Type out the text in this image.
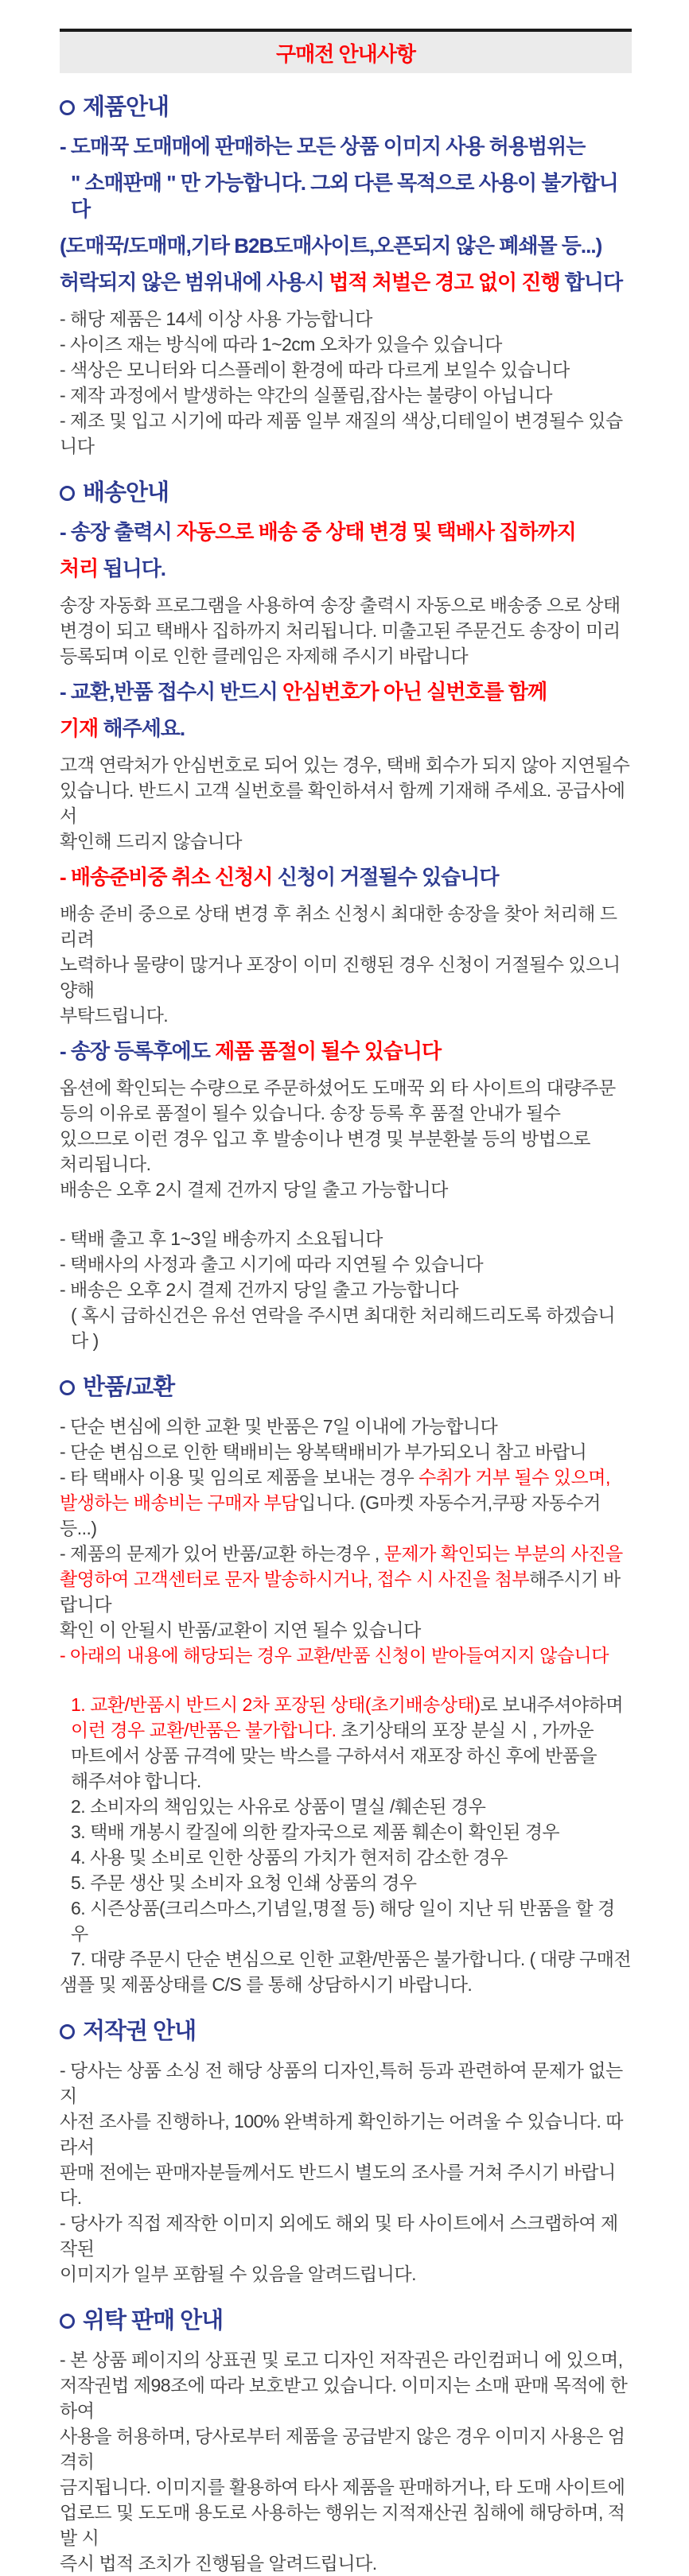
구매전 안내사항
제품안내
- 도매꾹 도매매에 판매하는 모든 상품 이미지 사용 허용범위는
" 소매판매 " 만 가능합니다. 그외 다른 목적으로 사용이 불가합니다
(도매꾹/도매매,기타 B2B도매사이트,오픈되지 않은 폐쇄몰 등...)
허락되지 않은 범위내에 사용시 법적 처벌은 경고 없이 진행 합니다
- 해당 제품은 14세 이상 사용 가능합니다
- 사이즈 재는 방식에 따라 1~2cm 오차가 있을수 있습니다
- 색상은 모니터와 디스플레이 환경에 따라 다르게 보일수 있습니다
- 제작 과정에서 발생하는 약간의 실풀림,잡사는 불량이 아닙니다
- 제조 및 입고 시기에 따라 제품 일부 재질의 색상,디테일이 변경될수 있습니다
배송안내
- 송장 출력시 자동으로 배송 중 상태 변경 및 택배사 집하까지
처리 됩니다.
송장 자동화 프로그램을 사용하여 송장 출력시 자동으로 배송중 으로 상태
변경이 되고 택배사 집하까지 처리됩니다. 미출고된 주문건도 송장이 미리
등록되며 이로 인한 클레임은 자제해 주시기 바랍니다
- 교환,반품 접수시 반드시 안심번호가 아닌 실번호를 함께
기재 해주세요.
고객 연락처가 안심번호로 되어 있는 경우, 택배 회수가 되지 않아 지연될수
있습니다. 반드시 고객 실번호를 확인하셔서 함께 기재해 주세요. 공급사에서
확인해 드리지 않습니다
- 배송준비중 취소 신청시 신청이 거절될수 있습니다
배송 준비 중으로 상태 변경 후 취소 신청시 최대한 송장을 찾아 처리해 드리려
노력하나 물량이 많거나 포장이 이미 진행된 경우 신청이 거절될수 있으니 양해
부탁드립니다.
- 송장 등록후에도 제품 품절이 될수 있습니다
옵션에 확인되는 수량으로 주문하셨어도 도매꾹 외 타 사이트의 대량주문
등의 이유로 품절이 될수 있습니다. 송장 등록 후 품절 안내가 될수
있으므로 이런 경우 입고 후 발송이나 변경 및 부분환불 등의 방법으로
처리됩니다.
배송은 오후 2시 결제 건까지 당일 출고 가능합니다
- 택배 출고 후 1~3일 배송까지 소요됩니다
- 택배사의 사정과 출고 시기에 따라 지연될 수 있습니다
- 배송은 오후 2시 결제 건까지 당일 출고 가능합니다
( 혹시 급하신건은 유선 연락을 주시면 최대한 처리해드리도록 하겠습니다 )
반품/교환
- 단순 변심에 의한 교환 및 반품은 7일 이내에 가능합니다
- 단순 변심으로 인한 택배비는 왕복택배비가 부가되오니 참고 바랍니
- 타 택배사 이용 및 임의로 제품을 보내는 경우 수취가 거부 될수 있으며,
발생하는 배송비는 구매자 부담입니다. (G마켓 자동수거,쿠팡 자동수거 등...)
- 제품의 문제가 있어 반품/교환 하는경우 , 문제가 확인되는 부분의 사진을
촬영하여 고객센터로 문자 발송하시거나, 접수 시 사진을 첨부해주시기 바랍니다
확인 이 안될시 반품/교환이 지연 될수 있습니다
- 아래의 내용에 해당되는 경우 교환/반품 신청이 받아들여지지 않습니다
1. 교환/반품시 반드시 2차 포장된 상태(초기배송상태)로 보내주셔야하며
이런 경우 교환/반품은 불가합니다. 초기상태의 포장 분실 시 , 가까운
마트에서 상품 규격에 맞는 박스를 구하셔서 재포장 하신 후에 반품을
해주셔야 합니다.
2. 소비자의 책임있는 사유로 상품이 멸실 /훼손된 경우
3. 택배 개봉시 칼질에 의한 칼자국으로 제품 훼손이 확인된 경우
4. 사용 및 소비로 인한 상품의 가치가 현저히 감소한 경우
5. 주문 생산 및 소비자 요청 인쇄 상품의 경우
6. 시즌상품(크리스마스,기념일,명절 등) 해당 일이 지난 뒤 반품을 할 경우
7. 대량 주문시 단순 변심으로 인한 교환/반품은 불가합니다. ( 대량 구매전
샘플 및 제품상태를 C/S 를 통해 상담하시기 바랍니다.
저작권 안내
- 당사는 상품 소싱 전 해당 상품의 디자인,특허 등과 관련하여 문제가 없는지
사전 조사를 진행하나, 100% 완벽하게 확인하기는 어려울 수 있습니다. 따라서
판매 전에는 판매자분들께서도 반드시 별도의 조사를 거쳐 주시기 바랍니다.
- 당사가 직접 제작한 이미지 외에도 해외 및 타 사이트에서 스크랩하여 제작된
이미지가 일부 포함될 수 있음을 알려드립니다.
위탁 판매 안내
- 본 상품 페이지의 상표권 및 로고 디자인 저작권은 라인컴퍼니 에 있으며,
저작권법 제98조에 따라 보호받고 있습니다. 이미지는 소매 판매 목적에 한하여
사용을 허용하며, 당사로부터 제품을 공급받지 않은 경우 이미지 사용은 엄격히
금지됩니다. 이미지를 활용하여 타사 제품을 판매하거나, 타 도매 사이트에
업로드 및 도도매 용도로 사용하는 행위는 지적재산권 침해에 해당하며, 적발 시
즉시 법적 조치가 진행됨을 알려드립니다.
